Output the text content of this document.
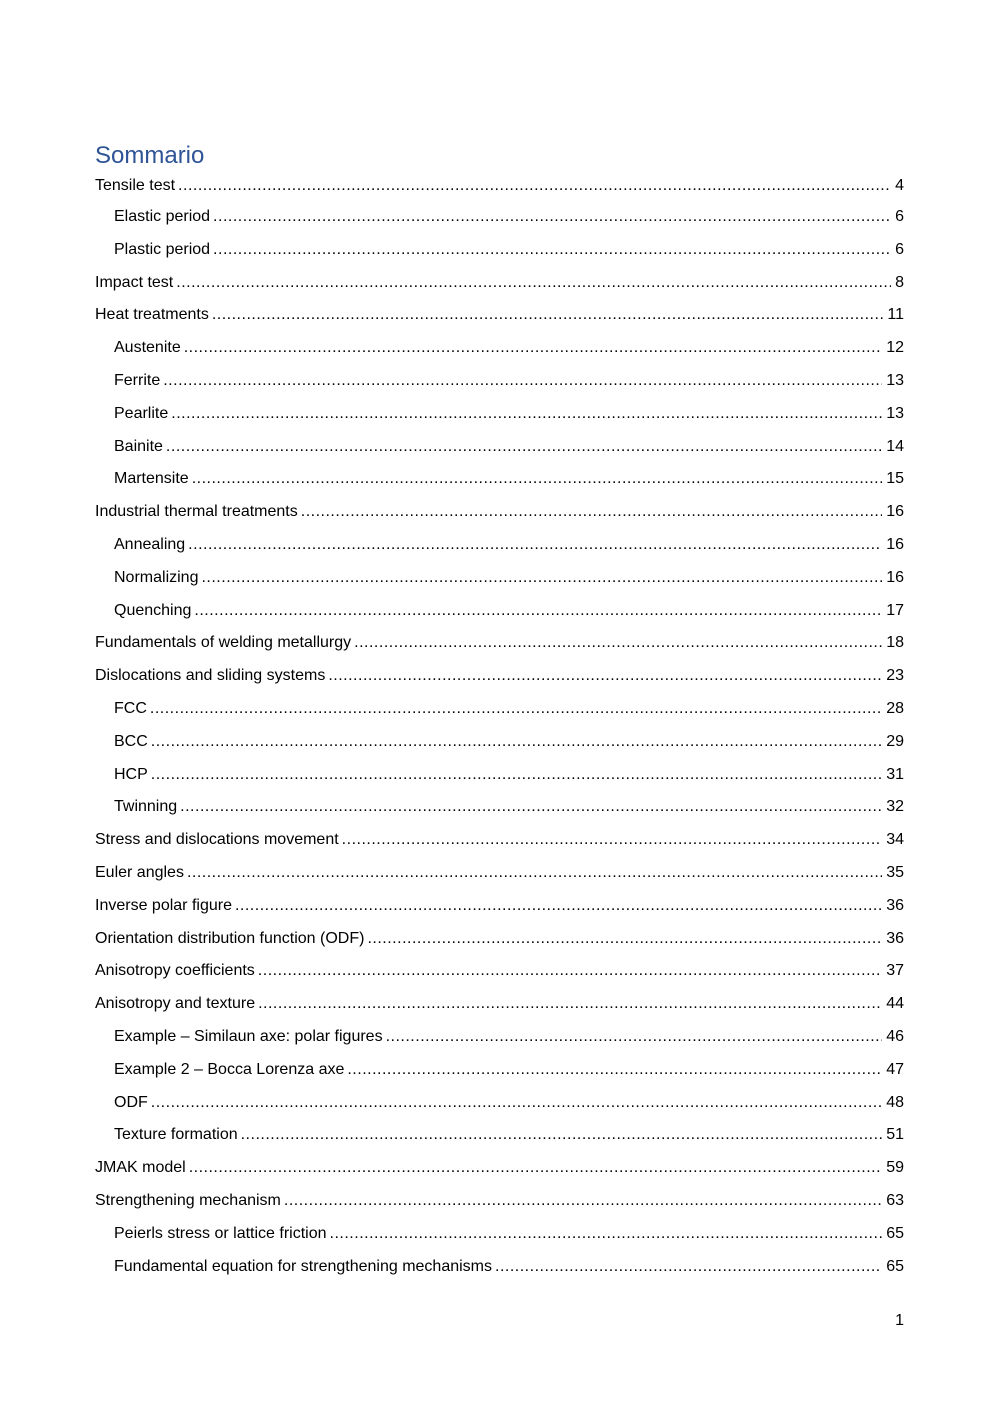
Sommario
Tensile test .....	4
Elastic period .....	6
Plastic period .....	6
Impact test .....	8
Heat treatments .....	11
Austenite .....	12
Ferrite .....	13
Pearlite .....	13
Bainite .....	14
Martensite .....	15
Industrial thermal treatments .....	16
Annealing .....	16
Normalizing .....	16
Quenching .....	17
Fundamentals of welding metallurgy .....	18
Dislocations and sliding systems .....	23
FCC .....	28
BCC .....	29
HCP .....	31
Twinning .....	32
Stress and dislocations movement .....	34
Euler angles .....	35
Inverse polar figure .....	36
Orientation distribution function (ODF) .....	36
Anisotropy coefficients .....	37
Anisotropy and texture .....	44
Example – Similaun axe: polar figures .....	46
Example 2 – Bocca Lorenza axe .....	47
ODF .....	48
Texture formation .....	51
JMAK model .....	59
Strengthening mechanism .....	63
Peierls stress or lattice friction .....	65
Fundamental equation for strengthening mechanisms .....	65
1
